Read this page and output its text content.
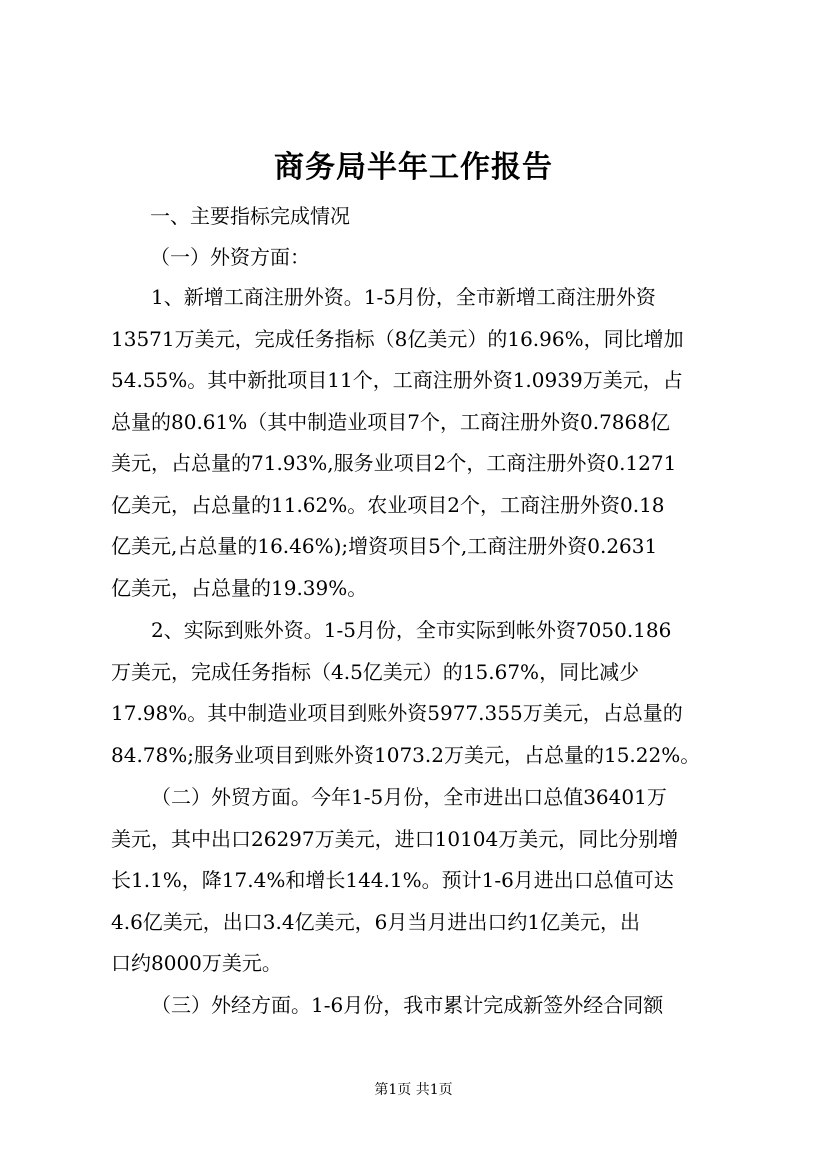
商务局半年工作报告
一、主要指标完成情况
（一）外资方面：
1、新增工商注册外资。1-5月份，全市新增工商注册外资
13571万美元，完成任务指标（8亿美元）的16.96%，同比增加
54.55%。其中新批项目11个，工商注册外资1.0939万美元，占
总量的80.61%（其中制造业项目7个，工商注册外资0.7868亿
美元，占总量的71.93%,服务业项目2个，工商注册外资0.1271
亿美元，占总量的11.62%。农业项目2个，工商注册外资0.18
亿美元,占总量的16.46%);增资项目5个,工商注册外资0.2631
亿美元，占总量的19.39%。
2、实际到账外资。1-5月份，全市实际到帐外资7050.186
万美元，完成任务指标（4.5亿美元）的15.67%，同比减少
17.98%。其中制造业项目到账外资5977.355万美元，占总量的
84.78%;服务业项目到账外资1073.2万美元，占总量的15.22%。
（二）外贸方面。今年1-5月份，全市进出口总值36401万
美元，其中出口26297万美元，进口10104万美元，同比分别增
长1.1%，降17.4%和增长144.1%。预计1-6月进出口总值可达
4.6亿美元，出口3.4亿美元，6月当月进出口约1亿美元，出
口约8000万美元。
（三）外经方面。1-6月份，我市累计完成新签外经合同额
第1页 共1页
